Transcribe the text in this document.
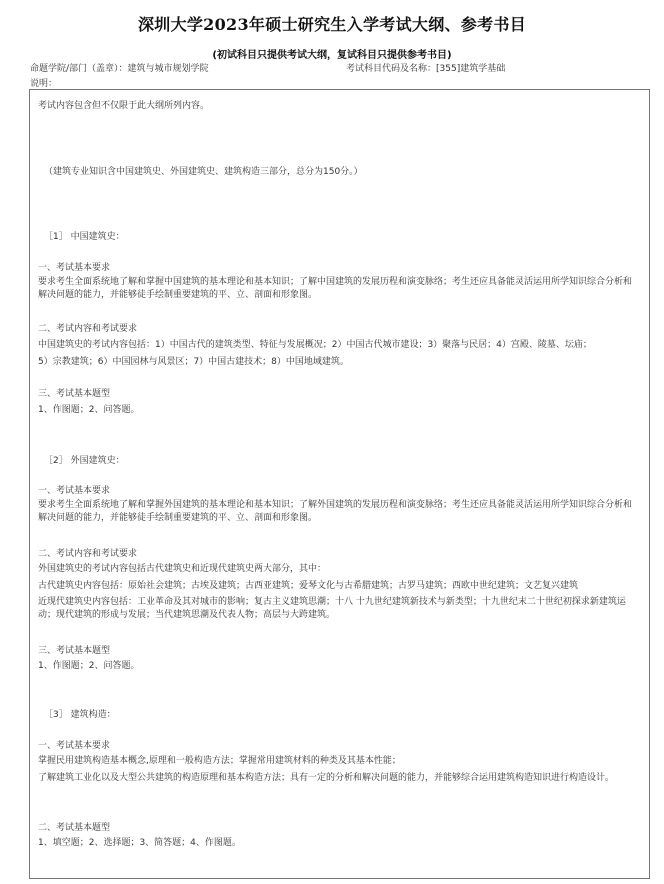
深圳大学2023年硕士研究生入学考试大纲、参考书目
(初试科目只提供考试大纲，复试科目只提供参考书目)
命题学院/部门（盖章）：建筑与城市规划学院	考试科目代码及名称：[355]建筑学基础
说明：
考试内容包含但不仅限于此大纲所列内容。
（建筑专业知识含中国建筑史、外国建筑史、建筑构造三部分，总分为150分。）
［1］ 中国建筑史：
一、考试基本要求
要求考生全面系统地了解和掌握中国建筑的基本理论和基本知识；了解中国建筑的发展历程和演变脉络；考生还应具备能灵活运用所学知识综合分析和解决问题的能力，并能够徒手绘制重要建筑的平、立、剖面和形象图。
二、考试内容和考试要求
中国建筑史的考试内容包括：1）中国古代的建筑类型、特征与发展概况；2）中国古代城市建设；3）聚落与民居；4）宫殿、陵墓、坛庙；
5）宗教建筑；6）中国园林与风景区；7）中国古建技术；8）中国地域建筑。
三、考试基本题型
1、作图题；2、问答题。
［2］ 外国建筑史：
一、考试基本要求
要求考生全面系统地了解和掌握外国建筑的基本理论和基本知识；了解外国建筑的发展历程和演变脉络；考生还应具备能灵活运用所学知识综合分析和解决问题的能力，并能够徒手绘制重要建筑的平、立、剖面和形象图。
二、考试内容和考试要求
外国建筑史的考试内容包括古代建筑史和近现代建筑史两大部分，其中：
古代建筑史内容包括：原始社会建筑；古埃及建筑；古西亚建筑；爱琴文化与古希腊建筑；古罗马建筑；西欧中世纪建筑；文艺复兴建筑
近现代建筑史内容包括：工业革命及其对城市的影响；复古主义建筑思潮；十八 十九世纪建筑新技术与新类型；十九世纪末二十世纪初探求新建筑运动；现代建筑的形成与发展；当代建筑思潮及代表人物；高层与大跨建筑。
三、考试基本题型
1、作图题；2、问答题。
［3］ 建筑构造：
一、考试基本要求
掌握民用建筑构造基本概念,原理和一般构造方法；掌握常用建筑材料的种类及其基本性能；
了解建筑工业化以及大型公共建筑的构造原理和基本构造方法；具有一定的分析和解决问题的能力，并能够综合运用建筑构造知识进行构造设计。
二、考试基本题型
1、填空题；2、选择题；3、简答题；4、作图题。
